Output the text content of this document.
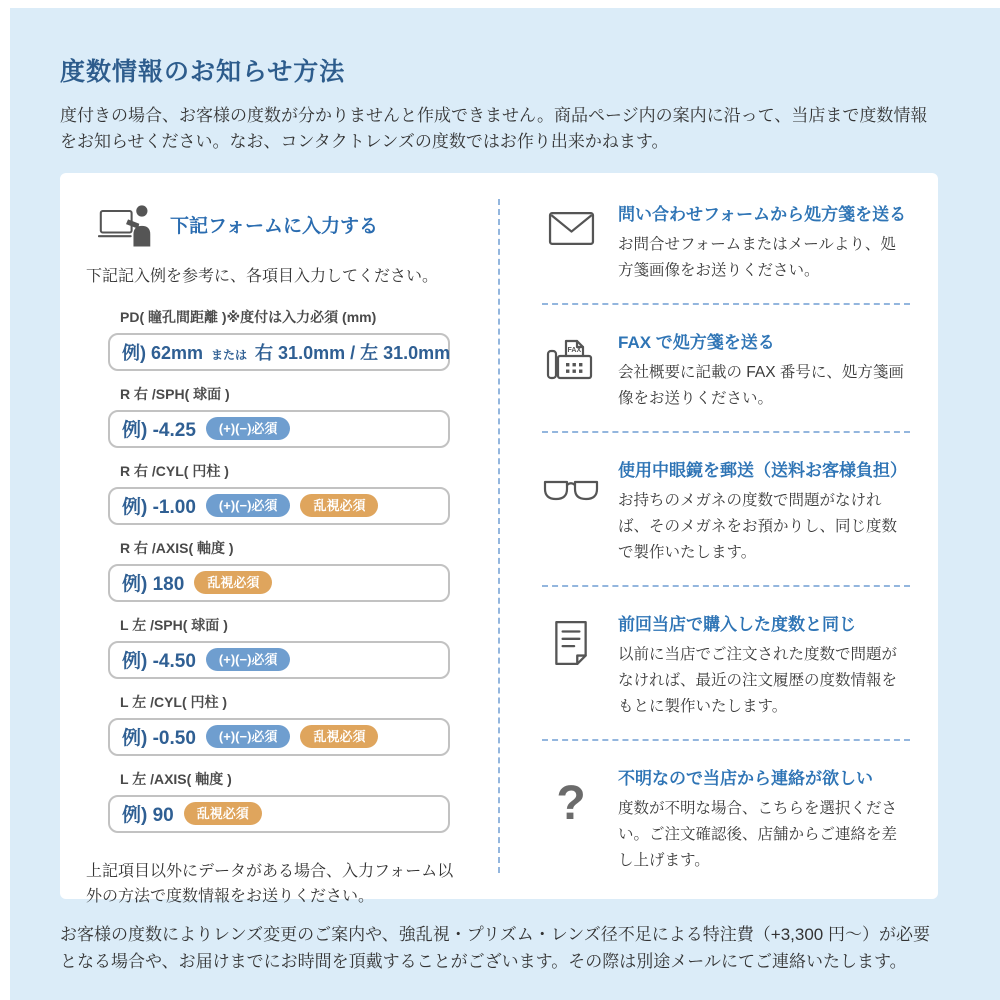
度数情報のお知らせ方法

度付きの場合、お客様の度数が分かりませんと作成できません。商品ページ内の案内に沿って、当店まで度数情報をお知らせください。なお、コンタクトレンズの度数ではお作り出来かねます。

下記フォームに入力する

下記記入例を参考に、各項目入力してください。

PD( 瞳孔間距離 )※度付は入力必須 (mm)
例) 62mm または 右 31.0mm / 左 31.0mm
R 右 /SPH( 球面 )
例) -4.25	(+)(−)必須
R 右 /CYL( 円柱 )
例) -1.00	(+)(−)必須	乱視必須
R 右 /AXIS( 軸度 )
例) 180	乱視必須
L 左 /SPH( 球面 )
例) -4.50	(+)(−)必須
L 左 /CYL( 円柱 )
例) -0.50	(+)(−)必須	乱視必須
L 左 /AXIS( 軸度 )
例) 90	乱視必須

上記項目以外にデータがある場合、入力フォーム以外の方法で度数情報をお送りください。

問い合わせフォームから処方箋を送る
お問合せフォームまたはメールより、処方箋画像をお送りください。
FAX FAX で処方箋を送る
会社概要に記載の FAX 番号に、処方箋画像をお送りください。
使用中眼鏡を郵送（送料お客様負担）
お持ちのメガネの度数で問題がなければ、そのメガネをお預かりし、同じ度数で製作いたします。
前回当店で購入した度数と同じ
以前に当店でご注文された度数で問題がなければ、最近の注文履歴の度数情報をもとに製作いたします。
? 不明なので当店から連絡が欲しい
度数が不明な場合、こちらを選択ください。ご注文確認後、店舗からご連絡を差し上げます。

お客様の度数によりレンズ変更のご案内や、強乱視・プリズム・レンズ径不足による特注費（+3,300 円～）が必要となる場合や、お届けまでにお時間を頂戴することがございます。その際は別途メールにてご連絡いたします。
